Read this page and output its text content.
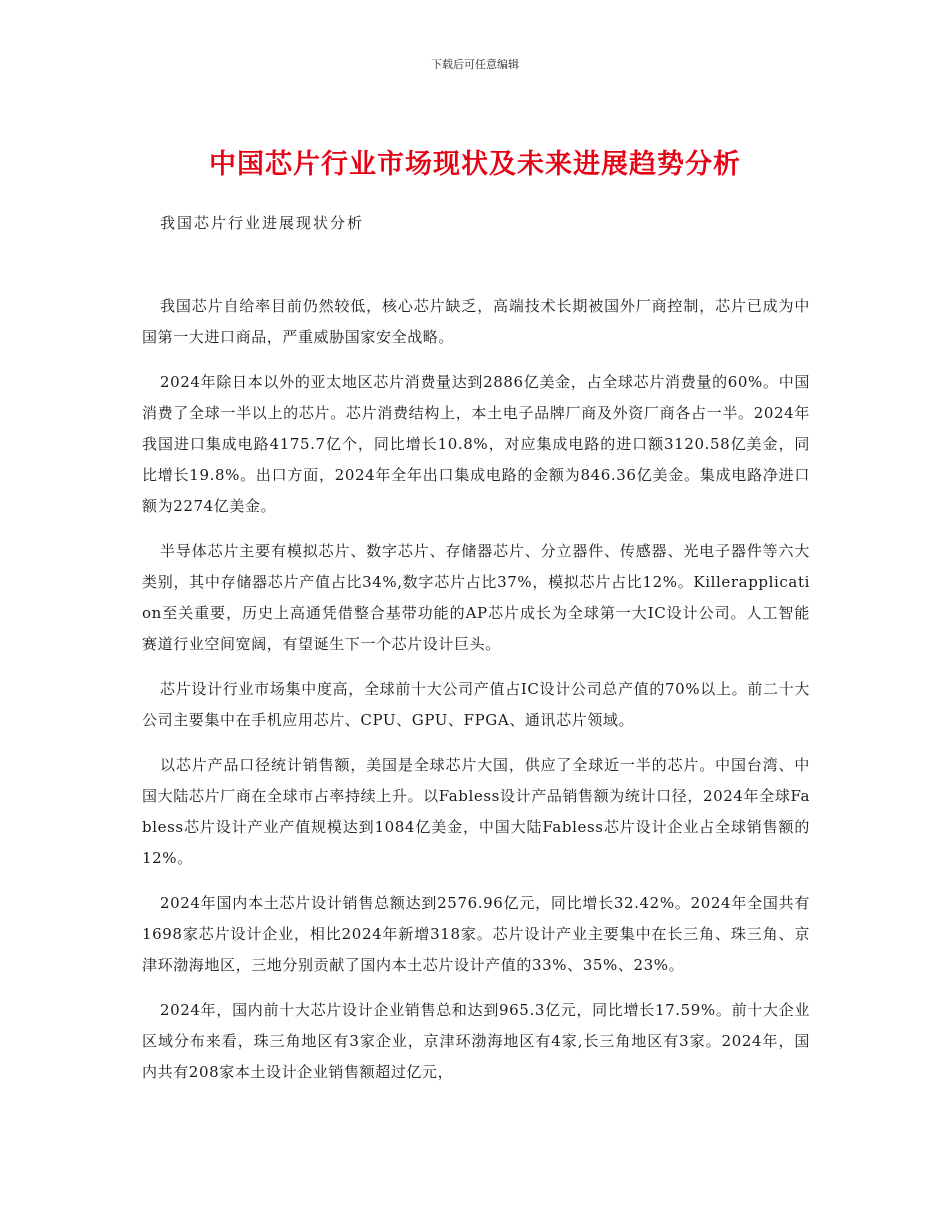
下载后可任意编辑
中国芯片行业市场现状及未来进展趋势分析

我国芯片行业进展现状分析

我国芯片自给率目前仍然较低，核心芯片缺乏，高端技术长期被国外厂商控制，芯片已成为中国第一大进口商品，严重威胁国家安全战略。

2024年除日本以外的亚太地区芯片消费量达到2886亿美金，占全球芯片消费量的60%。中国消费了全球一半以上的芯片。芯片消费结构上，本土电子品牌厂商及外资厂商各占一半。2024年我国进口集成电路4175.7亿个，同比增长10.8%，对应集成电路的进口额3120.58亿美金，同比增长19.8%。出口方面，2024年全年出口集成电路的金额为846.36亿美金。集成电路净进口额为2274亿美金。

半导体芯片主要有模拟芯片、数字芯片、存储器芯片、分立器件、传感器、光电子器件等六大类别，其中存储器芯片产值占比34%,数字芯片占比37%，模拟芯片占比12%。Killerapplication至关重要，历史上高通凭借整合基带功能的AP芯片成长为全球第一大IC设计公司。人工智能赛道行业空间宽阔，有望诞生下一个芯片设计巨头。

芯片设计行业市场集中度高，全球前十大公司产值占IC设计公司总产值的70%以上。前二十大公司主要集中在手机应用芯片、CPU、GPU、FPGA、通讯芯片领域。

以芯片产品口径统计销售额，美国是全球芯片大国，供应了全球近一半的芯片。中国台湾、中国大陆芯片厂商在全球市占率持续上升。以Fabless设计产品销售额为统计口径，2024年全球Fabless芯片设计产业产值规模达到1084亿美金，中国大陆Fabless芯片设计企业占全球销售额的12%。

2024年国内本土芯片设计销售总额达到2576.96亿元，同比增长32.42%。2024年全国共有1698家芯片设计企业，相比2024年新增318家。芯片设计产业主要集中在长三角、珠三角、京津环渤海地区，三地分别贡献了国内本土芯片设计产值的33%、35%、23%。

2024年，国内前十大芯片设计企业销售总和达到965.3亿元，同比增长17.59%。前十大企业区域分布来看，珠三角地区有3家企业，京津环渤海地区有4家,长三角地区有3家。2024年，国内共有208家本土设计企业销售额超过亿元，
